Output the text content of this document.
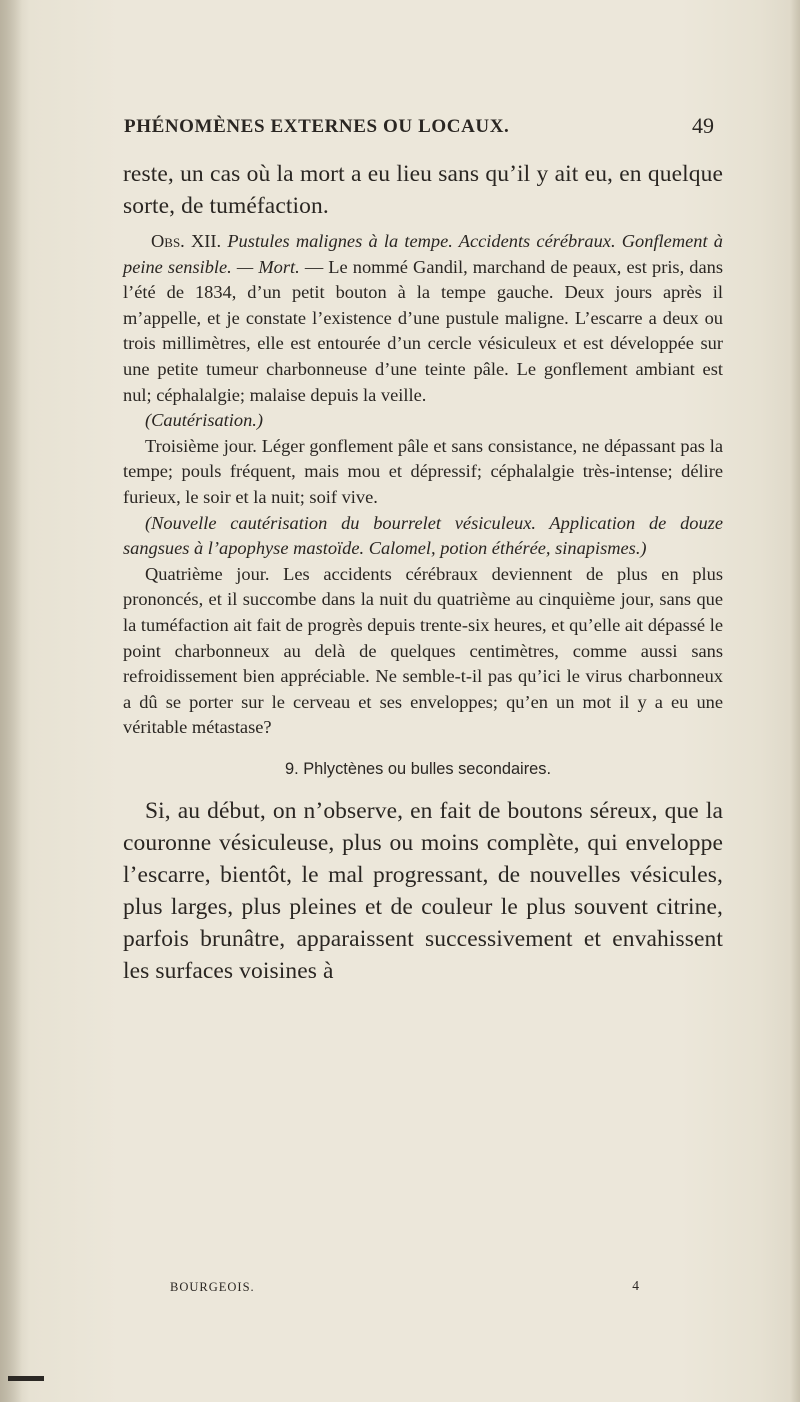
PHÉNOMÈNES EXTERNES OU LOCAUX.	49

reste, un cas où la mort a eu lieu sans qu’il y ait eu, en quelque sorte, de tuméfaction.

Obs. XII. Pustules malignes à la tempe. Accidents cérébraux. Gonflement à peine sensible. — Mort. — Le nommé Gandil, marchand de peaux, est pris, dans l’été de 1834, d’un petit bouton à la tempe gauche. Deux jours après il m’appelle, et je constate l’existence d’une pustule maligne. L’escarre a deux ou trois millimètres, elle est entourée d’un cercle vésiculeux et est développée sur une petite tumeur charbonneuse d’une teinte pâle. Le gonflement ambiant est nul; céphalalgie; malaise depuis la veille.

(Cautérisation.)

Troisième jour. Léger gonflement pâle et sans consistance, ne dépassant pas la tempe; pouls fréquent, mais mou et dépressif; céphalalgie très-intense; délire furieux, le soir et la nuit; soif vive.

(Nouvelle cautérisation du bourrelet vésiculeux. Application de douze sangsues à l’apophyse mastoïde. Calomel, potion éthérée, sinapismes.)

Quatrième jour. Les accidents cérébraux deviennent de plus en plus prononcés, et il succombe dans la nuit du quatrième au cinquième jour, sans que la tuméfaction ait fait de progrès depuis trente-six heures, et qu’elle ait dépassé le point charbonneux au delà de quelques centimètres, comme aussi sans refroidissement bien appréciable. Ne semble-t-il pas qu’ici le virus charbonneux a dû se porter sur le cerveau et ses enveloppes; qu’en un mot il y a eu une véritable métastase?

9. Phlyctènes ou bulles secondaires.

Si, au début, on n’observe, en fait de boutons séreux, que la couronne vésiculeuse, plus ou moins complète, qui enveloppe l’escarre, bientôt, le mal progressant, de nouvelles vésicules, plus larges, plus pleines et de couleur le plus souvent citrine, parfois brunâtre, apparaissent successivement et envahissent les surfaces voisines à

BOURGEOIS.	4
